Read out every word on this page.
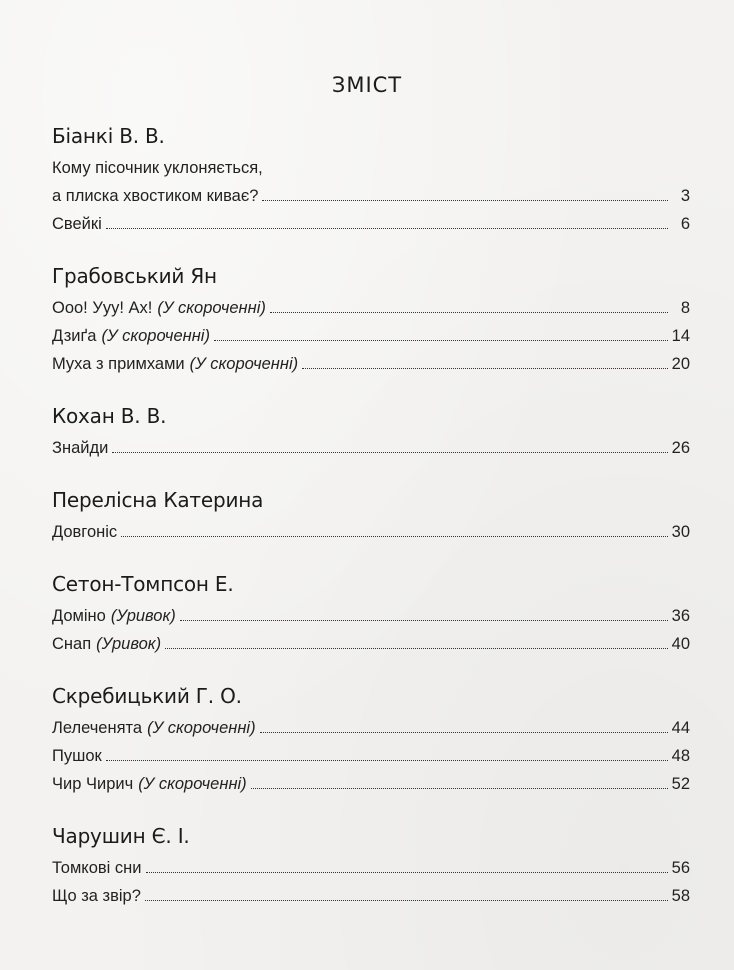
ЗМІСТ
Біанкі В. В.
Кому пісочник уклоняється,
а плиска хвостиком киває?	3
Свейкі	6
Грабовський Ян
Ооо! Ууу! Ах! (У скороченні)	8
Дзиґа (У скороченні)	14
Муха з примхами (У скороченні)	20
Кохан В. В.
Знайди	26
Перелісна Катерина
Довгоніс	30
Сетон-Томпсон Е.
Доміно (Уривок)	36
Снап (Уривок)	40
Скребицький Г. О.
Лелеченята (У скороченні)	44
Пушок	48
Чир Чирич (У скороченні)	52
Чарушин Є. І.
Томкові сни	56
Що за звір?	58
